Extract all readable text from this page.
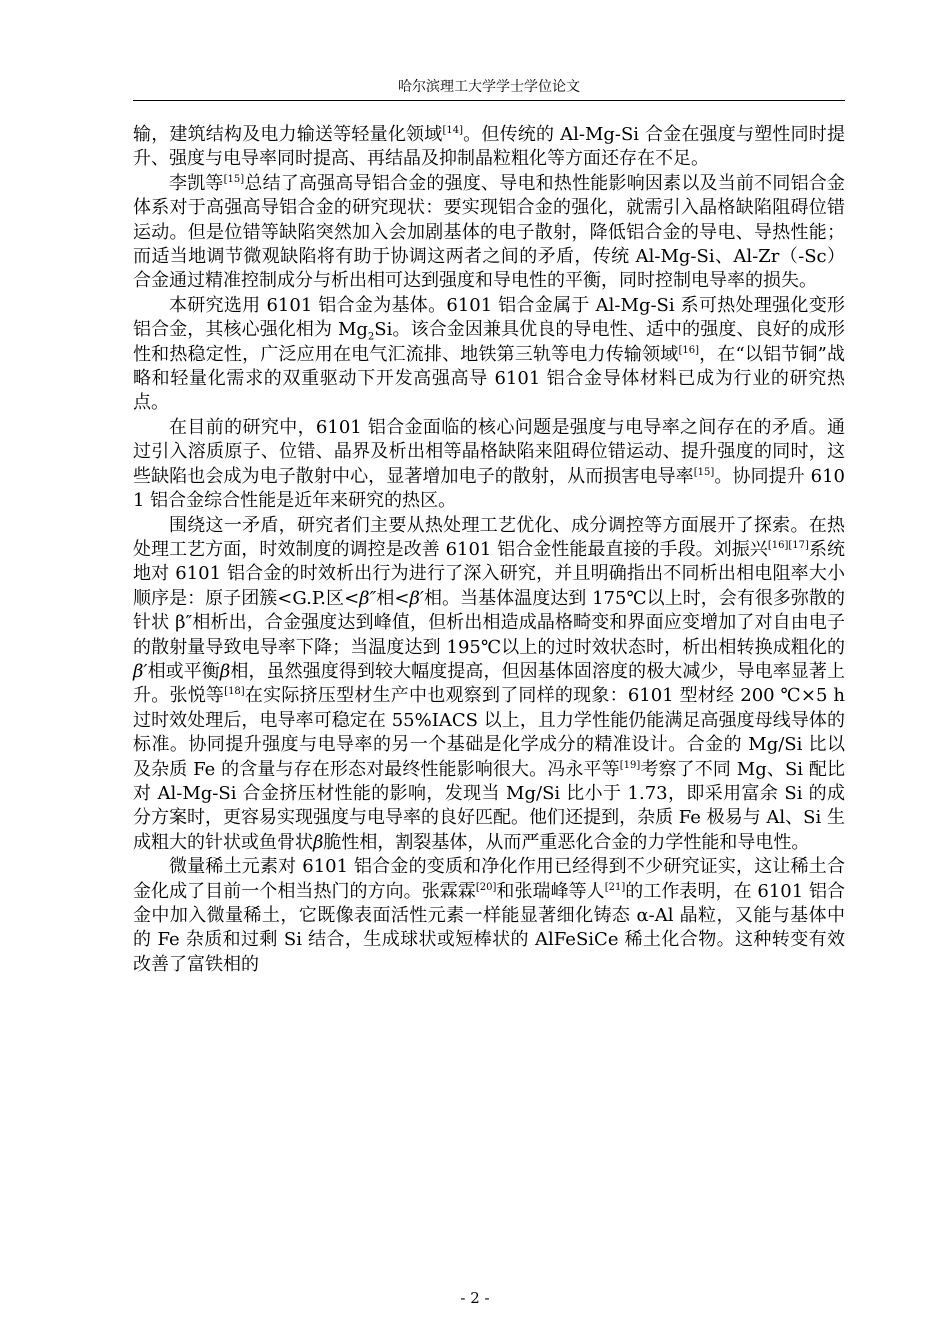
哈尔滨理工大学学士学位论文

输，建筑结构及电力输送等轻量化领域[14]。但传统的 Al-Mg-Si 合金在强度与塑性同时提升、强度与电导率同时提高、再结晶及抑制晶粒粗化等方面还存在不足。

李凯等[15]总结了高强高导铝合金的强度、导电和热性能影响因素以及当前不同铝合金体系对于高强高导铝合金的研究现状：要实现铝合金的强化，就需引入晶格缺陷阻碍位错运动。但是位错等缺陷突然加入会加剧基体的电子散射，降低铝合金的导电、导热性能；而适当地调节微观缺陷将有助于协调这两者之间的矛盾，传统 Al-Mg-Si、Al-Zr（-Sc）合金通过精准控制成分与析出相可达到强度和导电性的平衡，同时控制电导率的损失。

本研究选用 6101 铝合金为基体。6101 铝合金属于 Al-Mg-Si 系可热处理强化变形铝合金，其核心强化相为 $Mg_2Si$。该合金因兼具优良的导电性、适中的强度、良好的成形性和热稳定性，广泛应用在电气汇流排、地铁第三轨等电力传输领域[16]，在“以铝节铜”战略和轻量化需求的双重驱动下开发高强高导 6101 铝合金导体材料已成为行业的研究热点。

在目前的研究中，6101 铝合金面临的核心问题是强度与电导率之间存在的矛盾。通过引入溶质原子、位错、晶界及析出相等晶格缺陷来阻碍位错运动、提升强度的同时，这些缺陷也会成为电子散射中心，显著增加电子的散射，从而损害电导率[15]。协同提升 6101 铝合金综合性能是近年来研究的热区。

围绕这一矛盾，研究者们主要从热处理工艺优化、成分调控等方面展开了探索。在热处理工艺方面，时效制度的调控是改善 6101 铝合金性能最直接的手段。刘振兴[16][17]系统地对 6101 铝合金的时效析出行为进行了深入研究，并且明确指出不同析出相电阻率大小顺序是：原子团簇<G.P.区<β″相<β′相。当基体温度达到 175℃以上时，会有很多弥散的针状 β″相析出，合金强度达到峰值，但析出相造成晶格畸变和界面应变增加了对自由电子的散射量导致电导率下降；当温度达到 195℃以上的过时效状态时，析出相转换成粗化的β′相或平衡β相，虽然强度得到较大幅度提高，但因基体固溶度的极大减少，导电率显著上升。张悦等[18]在实际挤压型材生产中也观察到了同样的现象：6101 型材经 200 ℃×5 h 过时效处理后，电导率可稳定在 55%IACS 以上，且力学性能仍能满足高强度母线导体的标准。协同提升强度与电导率的另一个基础是化学成分的精准设计。合金的 Mg/Si 比以及杂质 Fe 的含量与存在形态对最终性能影响很大。冯永平等[19]考察了不同 Mg、Si 配比对 Al-Mg-Si 合金挤压材性能的影响，发现当 Mg/Si 比小于 1.73，即采用富余 Si 的成分方案时，更容易实现强度与电导率的良好匹配。他们还提到，杂质 Fe 极易与 Al、Si 生成粗大的针状或鱼骨状β脆性相，割裂基体，从而严重恶化合金的力学性能和导电性。

微量稀土元素对 6101 铝合金的变质和净化作用已经得到不少研究证实，这让稀土合金化成了目前一个相当热门的方向。张霖霖[20]和张瑞峰等人[21]的工作表明，在 6101 铝合金中加入微量稀土，它既像表面活性元素一样能显著细化铸态 α-Al 晶粒，又能与基体中的 Fe 杂质和过剩 Si 结合，生成球状或短棒状的 AlFeSiCe 稀土化合物。这种转变有效改善了富铁相的

- 2 -
